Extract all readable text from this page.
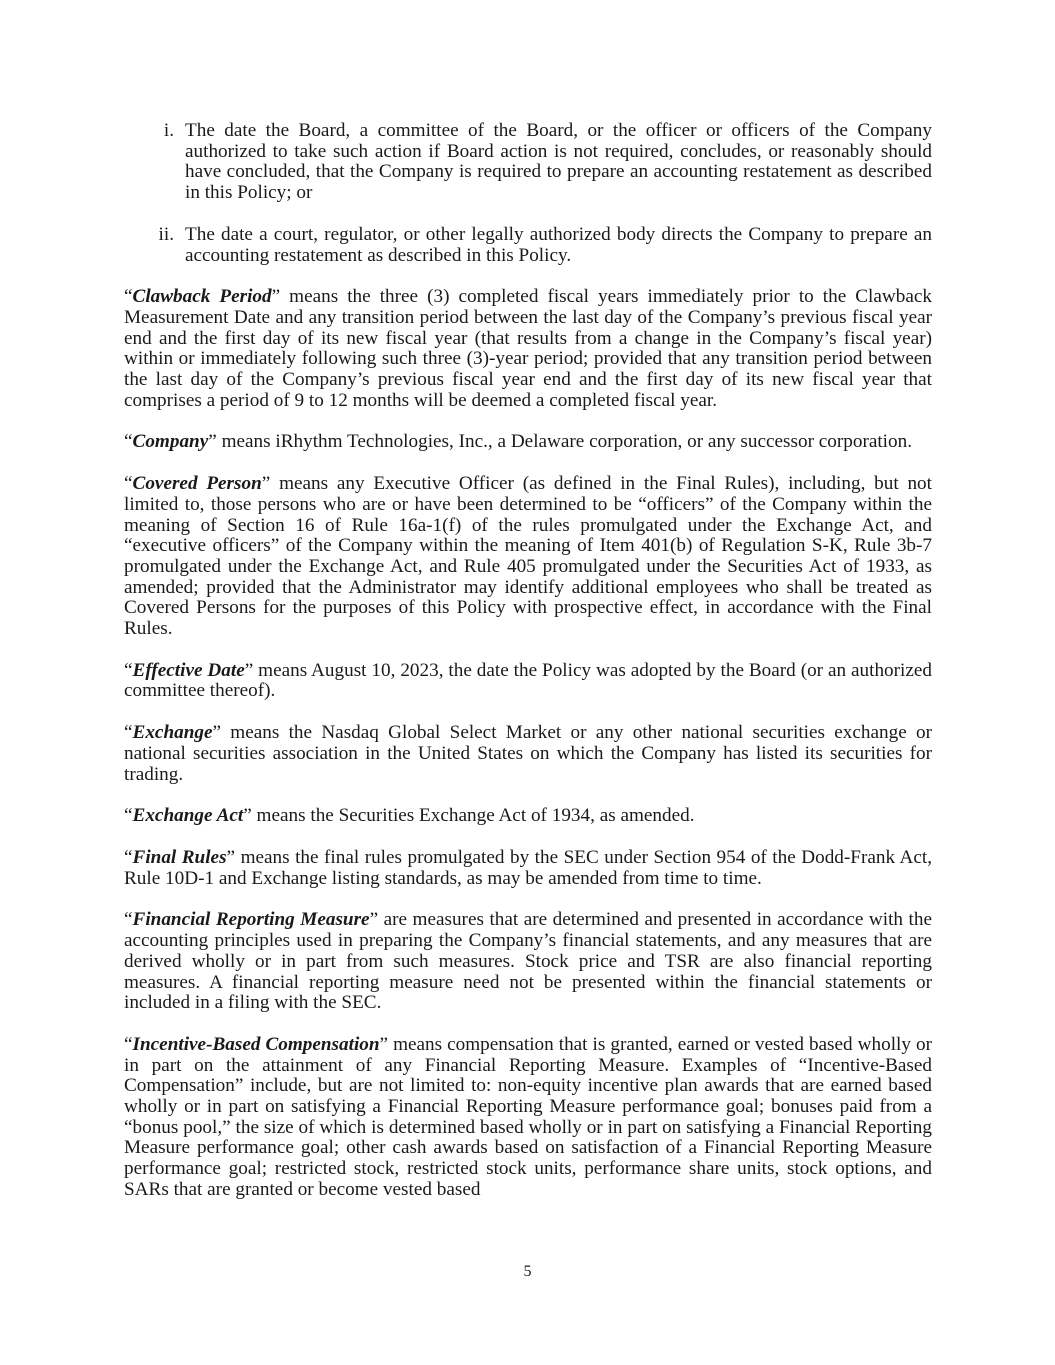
i. The date the Board, a committee of the Board, or the officer or officers of the Company authorized to take such action if Board action is not required, concludes, or reasonably should have concluded, that the Company is required to prepare an accounting restatement as described in this Policy; or
ii. The date a court, regulator, or other legally authorized body directs the Company to prepare an accounting restatement as described in this Policy.

“Clawback Period” means the three (3) completed fiscal years immediately prior to the Clawback Measurement Date and any transition period between the last day of the Company’s previous fiscal year end and the first day of its new fiscal year (that results from a change in the Company’s fiscal year) within or immediately following such three (3)-year period; provided that any transition period between the last day of the Company’s previous fiscal year end and the first day of its new fiscal year that comprises a period of 9 to 12 months will be deemed a completed fiscal year.

“Company” means iRhythm Technologies, Inc., a Delaware corporation, or any successor corporation.

“Covered Person” means any Executive Officer (as defined in the Final Rules), including, but not limited to, those persons who are or have been determined to be “officers” of the Company within the meaning of Section 16 of Rule 16a-1(f) of the rules promulgated under the Exchange Act, and “executive officers” of the Company within the meaning of Item 401(b) of Regulation S-K, Rule 3b-7 promulgated under the Exchange Act, and Rule 405 promulgated under the Securities Act of 1933, as amended; provided that the Administrator may identify additional employees who shall be treated as Covered Persons for the purposes of this Policy with prospective effect, in accordance with the Final Rules.

“Effective Date” means August 10, 2023, the date the Policy was adopted by the Board (or an authorized committee thereof).

“Exchange” means the Nasdaq Global Select Market or any other national securities exchange or national securities association in the United States on which the Company has listed its securities for trading.

“Exchange Act” means the Securities Exchange Act of 1934, as amended.

“Final Rules” means the final rules promulgated by the SEC under Section 954 of the Dodd-Frank Act, Rule 10D-1 and Exchange listing standards, as may be amended from time to time.

“Financial Reporting Measure” are measures that are determined and presented in accordance with the accounting principles used in preparing the Company’s financial statements, and any measures that are derived wholly or in part from such measures. Stock price and TSR are also financial reporting measures. A financial reporting measure need not be presented within the financial statements or included in a filing with the SEC.

“Incentive-Based Compensation” means compensation that is granted, earned or vested based wholly or in part on the attainment of any Financial Reporting Measure. Examples of “Incentive-Based Compensation” include, but are not limited to: non-equity incentive plan awards that are earned based wholly or in part on satisfying a Financial Reporting Measure performance goal; bonuses paid from a “bonus pool,” the size of which is determined based wholly or in part on satisfying a Financial Reporting Measure performance goal; other cash awards based on satisfaction of a Financial Reporting Measure performance goal; restricted stock, restricted stock units, performance share units, stock options, and SARs that are granted or become vested based

5
